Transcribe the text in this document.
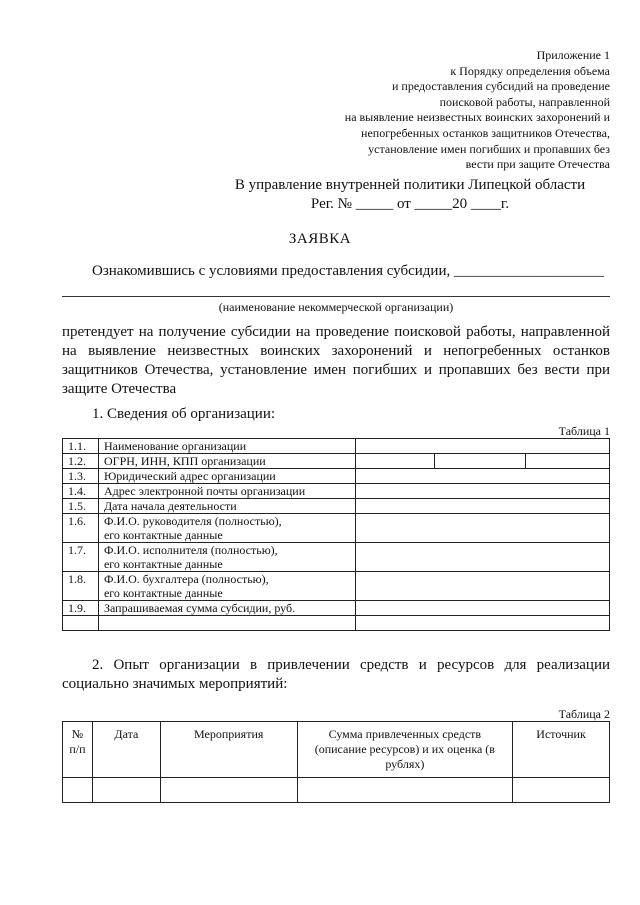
Приложение 1
к Порядку определения объема
и предоставления субсидий на проведение
поисковой работы, направленной
на выявление неизвестных воинских захоронений и
непогребенных останков защитников Отечества,
установление имен погибших и пропавших без
вести при защите Отечества
В управление внутренней политики Липецкой области
Рег. № _____ от _____20 ____г.
ЗАЯВКА
Ознакомившись с условиями предоставления субсидии, ____________________
(наименование некоммерческой организации)
претендует на получение субсидии на проведение поисковой работы, направленной на выявление неизвестных воинских захоронений и непогребенных останков защитников Отечества, установление имен погибших и пропавших без вести при защите Отечества
1. Сведения об организации:
Таблица 1
1.1.	Наименование организации			
1.2.	ОГРН, ИНН, КПП организации			
1.3.	Юридический адрес организации			
1.4.	Адрес электронной почты организации			
1.5.	Дата начала деятельности			
1.6.	Ф.И.О. руководителя (полностью),
его контактные данные			

1.7.	Ф.И.О. исполнителя (полностью),
его контактные данные			

1.8.	Ф.И.О. бухгалтера (полностью),
его контактные данные			

1.9.	Запрашиваемая сумма субсидии, руб.			

2. Опыт организации в привлечении средств и ресурсов для реализации социально значимых мероприятий:
Таблица 2
№ п/п	Дата	Мероприятия	Сумма привлеченных средств (описание ресурсов) и их оценка (в рублях)	Источник
